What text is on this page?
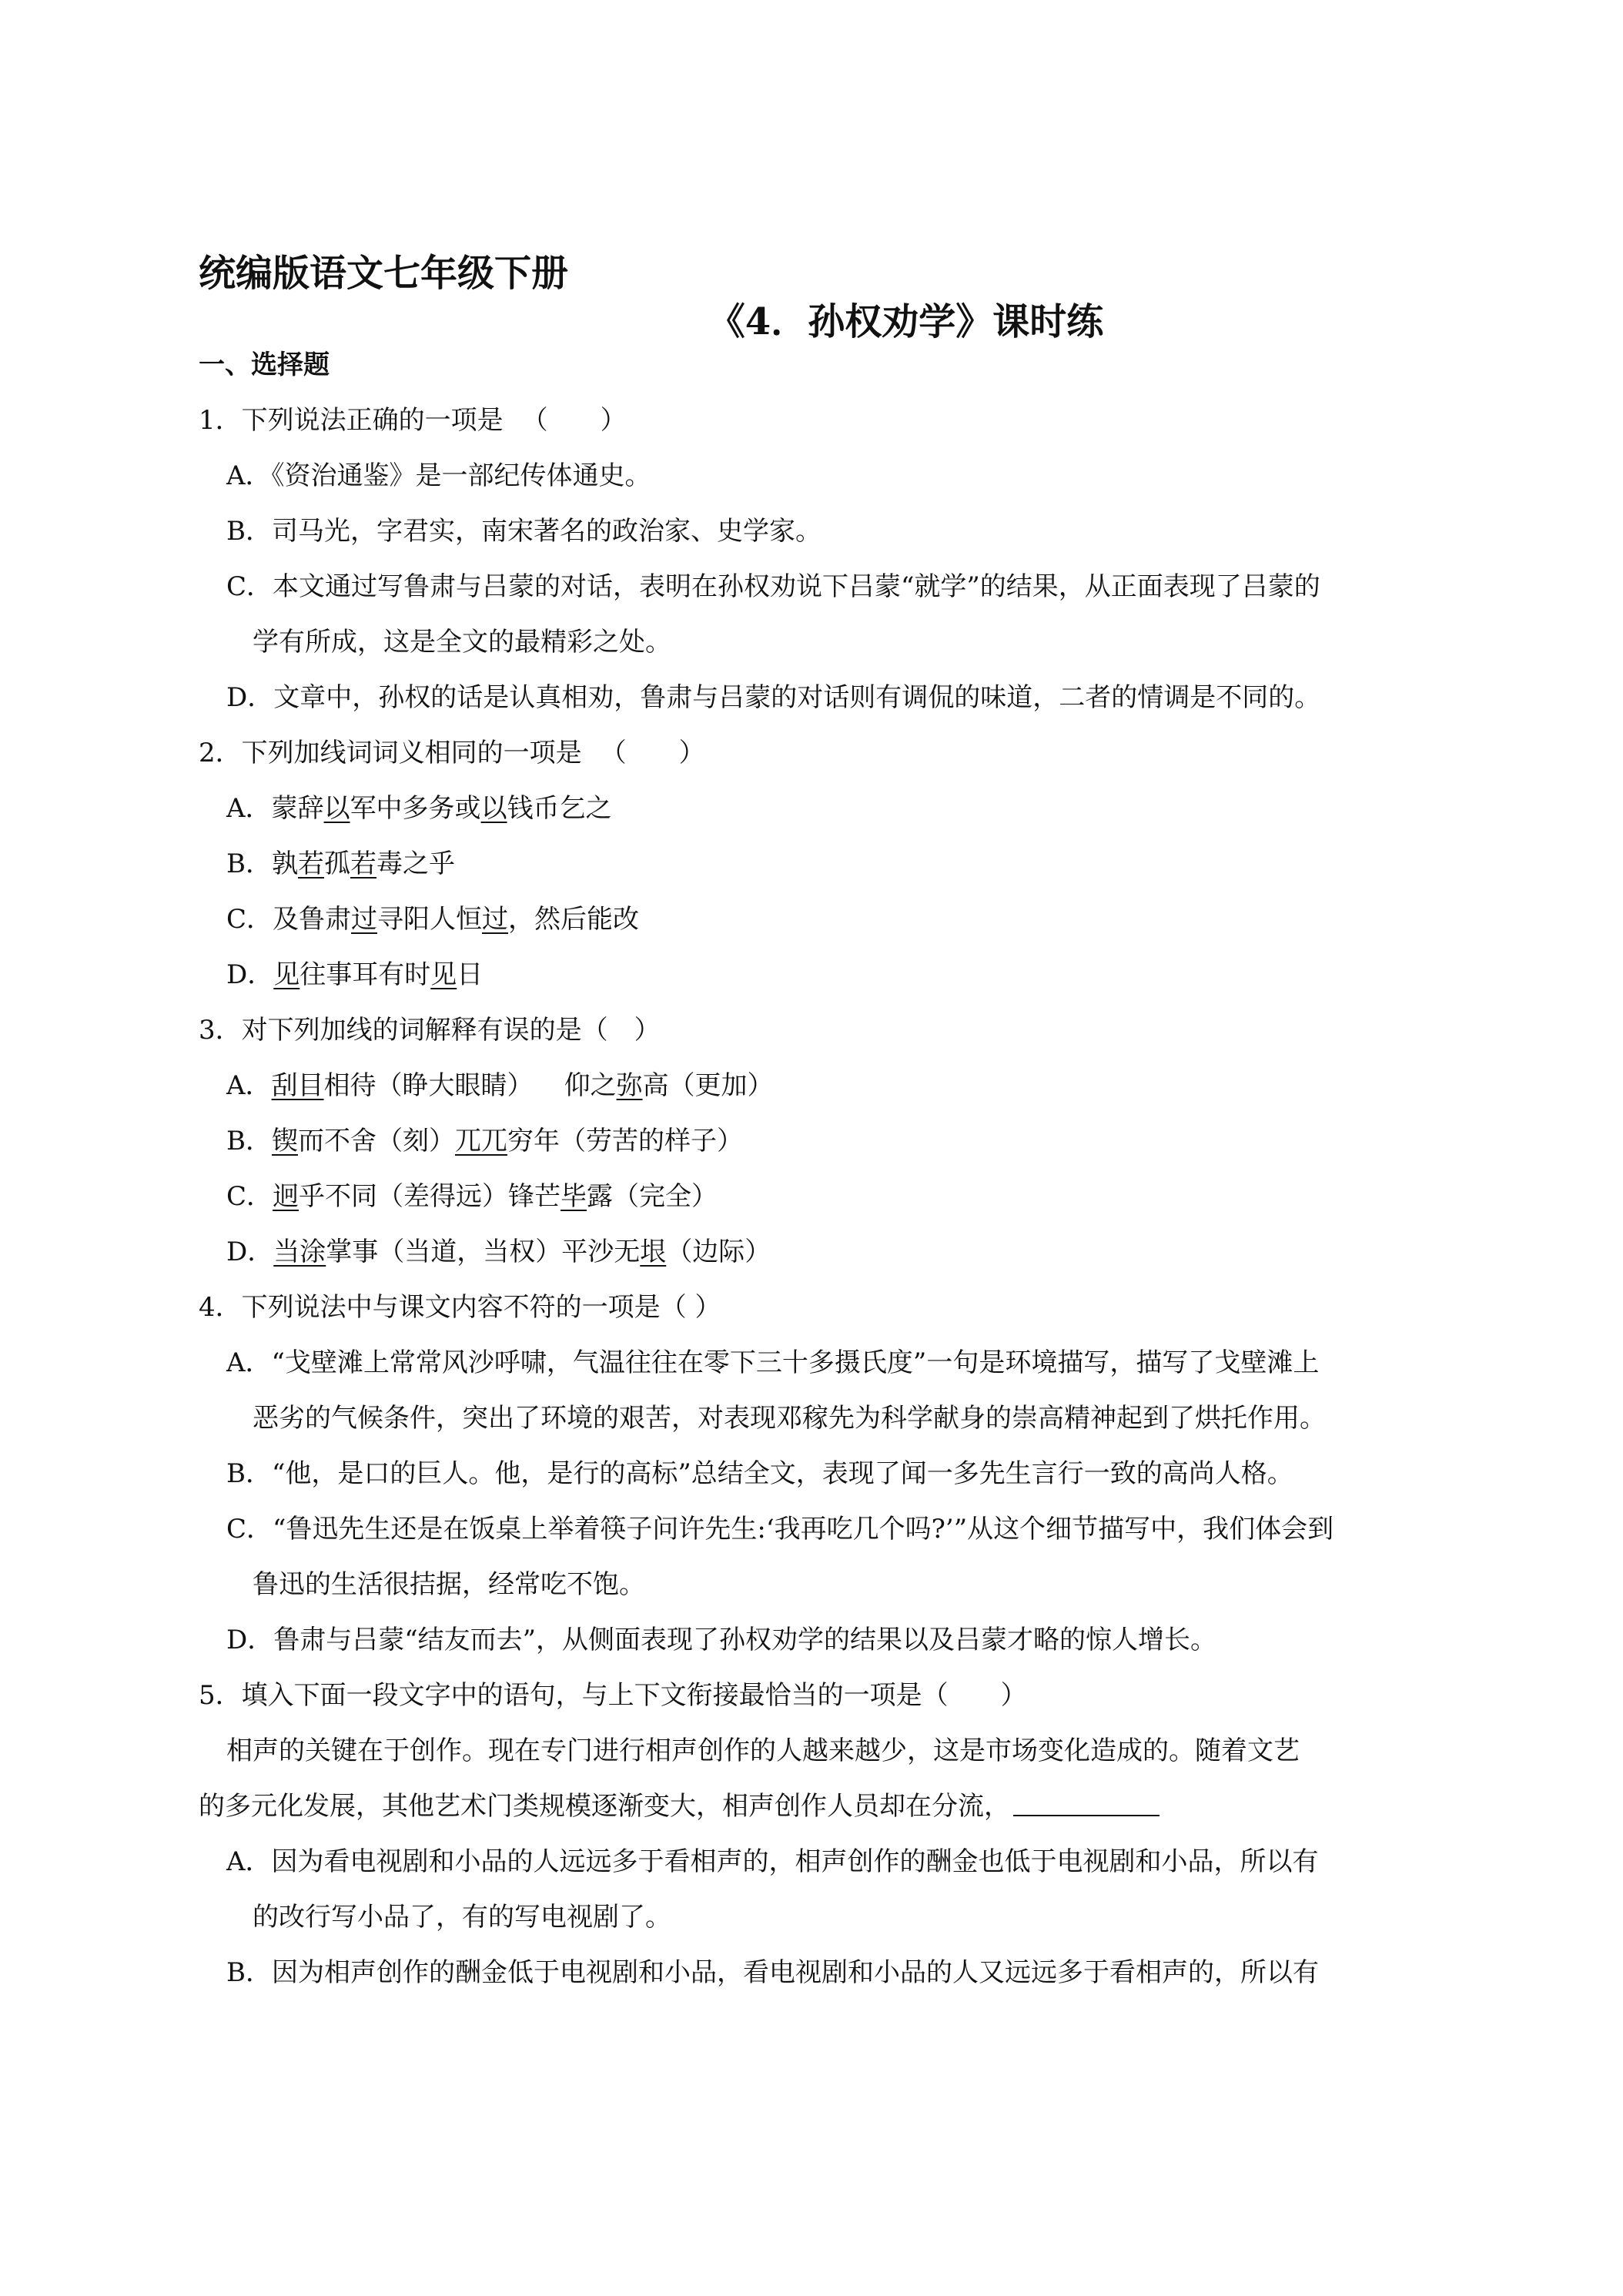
统编版语文七年级下册
《4．孙权劝学》课时练
一、选择题
1．下列说法正确的一项是 （　　）
A．《资治通鉴》是一部纪传体通史。
B．司马光，字君实，南宋著名的政治家、史学家。
C．本文通过写鲁肃与吕蒙的对话，表明在孙权劝说下吕蒙“就学”的结果，从正面表现了吕蒙的
学有所成，这是全文的最精彩之处。
D．文章中，孙权的话是认真相劝，鲁肃与吕蒙的对话则有调侃的味道，二者的情调是不同的。
2．下列加线词词义相同的一项是 （　　）
A．蒙辞以军中多务或以钱币乞之
B．孰若孤若毒之乎
C．及鲁肃过寻阳人恒过，然后能改
D．见往事耳有时见日
3．对下列加线的词解释有误的是（　）
A．刮目相待（睁大眼睛） 仰之弥高（更加）
B．锲而不舍（刻）兀兀穷年（劳苦的样子）
C．迥乎不同（差得远）锋芒毕露（完全）
D．当涂掌事（当道，当权）平沙无垠（边际）
4．下列说法中与课文内容不符的一项是（ ）
A．“戈壁滩上常常风沙呼啸，气温往往在零下三十多摄氏度”一句是环境描写，描写了戈壁滩上
恶劣的气候条件，突出了环境的艰苦，对表现邓稼先为科学献身的崇高精神起到了烘托作用。
B．“他，是口的巨人。他，是行的高标”总结全文，表现了闻一多先生言行一致的高尚人格。
C．“鲁迅先生还是在饭桌上举着筷子问许先生:‘我再吃几个吗?’”从这个细节描写中，我们体会到
鲁迅的生活很拮据，经常吃不饱。
D．鲁肃与吕蒙“结友而去”，从侧面表现了孙权劝学的结果以及吕蒙才略的惊人增长。
5．填入下面一段文字中的语句，与上下文衔接最恰当的一项是（　　）
相声的关键在于创作。现在专门进行相声创作的人越来越少，这是市场变化造成的。随着文艺
的多元化发展，其他艺术门类规模逐渐变大，相声创作人员却在分流，
A．因为看电视剧和小品的人远远多于看相声的，相声创作的酬金也低于电视剧和小品，所以有
的改行写小品了，有的写电视剧了。
B．因为相声创作的酬金低于电视剧和小品，看电视剧和小品的人又远远多于看相声的，所以有
